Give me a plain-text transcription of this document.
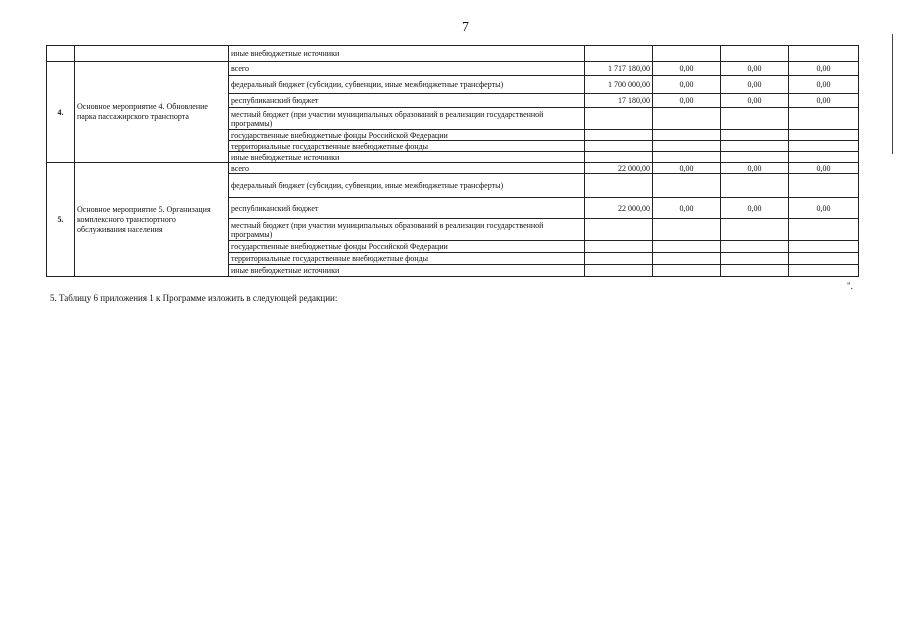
7
		иные внебюджетные источники				
4.	Основное мероприятие 4. Обновление парка пассажирского транспорта	всего	1 717 180,00	0,00	0,00	0,00
		федеральный бюджет (субсидии, субвенции, иные межбюджетные трансферты)	1 700 000,00	0,00	0,00	0,00
		республиканский бюджет	17 180,00	0,00	0,00	0,00
		местный бюджет (при участии муниципальных образований в реализации государственной программы)				
		государственные внебюджетные фонды Российской Федерации				
		территориальные государственные внебюджетные фонды				
		иные внебюджетные источники				
5.	Основное мероприятие 5. Организация комплексного транспортного обслуживания населения	всего	22 000,00	0,00	0,00	0,00
		федеральный бюджет (субсидии, субвенции, иные межбюджетные трансферты)				
		республиканский бюджет	22 000,00	0,00	0,00	0,00
		местный бюджет (при участии муниципальных образований в реализации государственной программы)				
		государственные внебюджетные фонды Российской Федерации				
		территориальные государственные внебюджетные фонды				
		иные внебюджетные источники				
".
5. Таблицу 6 приложения 1 к Программе изложить в следующей редакции:
